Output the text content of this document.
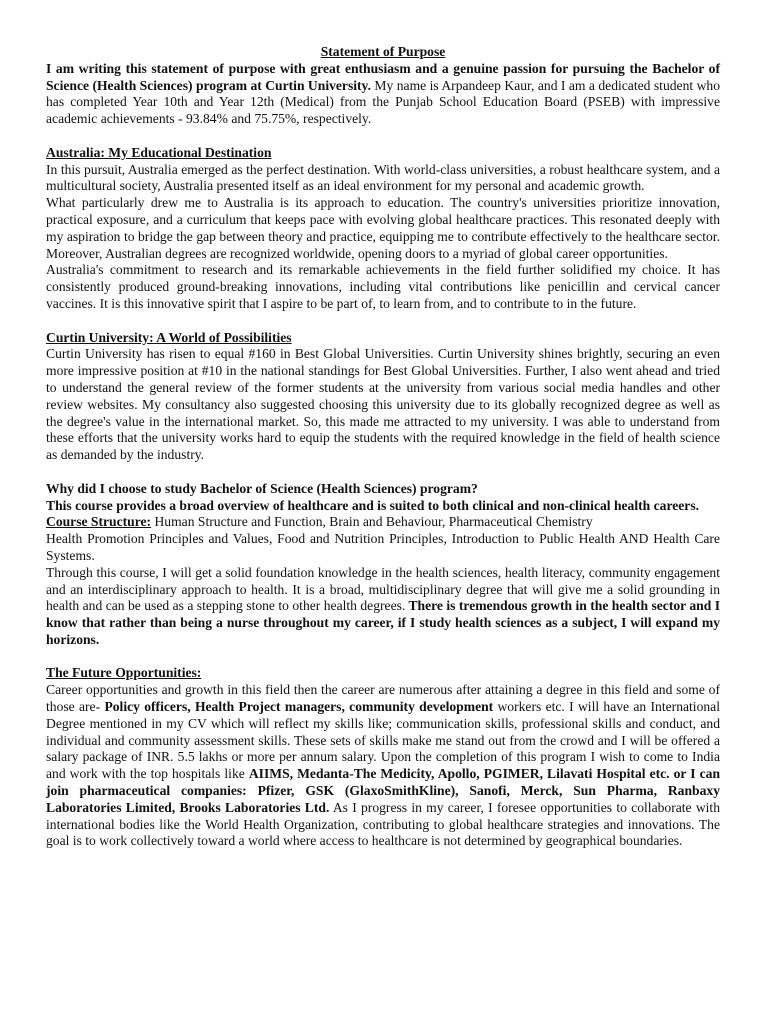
Statement of Purpose

I am writing this statement of purpose with great enthusiasm and a genuine passion for pursuing the Bachelor of Science (Health Sciences) program at Curtin University. My name is Arpandeep Kaur, and I am a dedicated student who has completed Year 10th and Year 12th (Medical) from the Punjab School Education Board (PSEB) with impressive academic achievements - 93.84% and 75.75%, respectively.

Australia: My Educational Destination

In this pursuit, Australia emerged as the perfect destination. With world-class universities, a robust healthcare system, and a multicultural society, Australia presented itself as an ideal environment for my personal and academic growth.

What particularly drew me to Australia is its approach to education. The country's universities prioritize innovation, practical exposure, and a curriculum that keeps pace with evolving global healthcare practices. This resonated deeply with my aspiration to bridge the gap between theory and practice, equipping me to contribute effectively to the healthcare sector. Moreover, Australian degrees are recognized worldwide, opening doors to a myriad of global career opportunities.

Australia's commitment to research and its remarkable achievements in the field further solidified my choice. It has consistently produced ground-breaking innovations, including vital contributions like penicillin and cervical cancer vaccines. It is this innovative spirit that I aspire to be part of, to learn from, and to contribute to in the future.

Curtin University: A World of Possibilities

Curtin University has risen to equal #160 in Best Global Universities. Curtin University shines brightly, securing an even more impressive position at #10 in the national standings for Best Global Universities. Further, I also went ahead and tried to understand the general review of the former students at the university from various social media handles and other review websites. My consultancy also suggested choosing this university due to its globally recognized degree as well as the degree's value in the international market. So, this made me attracted to my university. I was able to understand from these efforts that the university works hard to equip the students with the required knowledge in the field of health science as demanded by the industry.

Why did I choose to study Bachelor of Science (Health Sciences) program?

This course provides a broad overview of healthcare and is suited to both clinical and non-clinical health careers.

Course Structure: Human Structure and Function, Brain and Behaviour, Pharmaceutical Chemistry

Health Promotion Principles and Values, Food and Nutrition Principles, Introduction to Public Health AND Health Care Systems.

Through this course, I will get a solid foundation knowledge in the health sciences, health literacy, community engagement and an interdisciplinary approach to health. It is a broad, multidisciplinary degree that will give me a solid grounding in health and can be used as a stepping stone to other health degrees. There is tremendous growth in the health sector and I know that rather than being a nurse throughout my career, if I study health sciences as a subject, I will expand my horizons.

The Future Opportunities:

Career opportunities and growth in this field then the career are numerous after attaining a degree in this field and some of those are- Policy officers, Health Project managers, community development workers etc. I will have an International Degree mentioned in my CV which will reflect my skills like; communication skills, professional skills and conduct, and individual and community assessment skills. These sets of skills make me stand out from the crowd and I will be offered a salary package of INR. 5.5 lakhs or more per annum salary. Upon the completion of this program I wish to come to India and work with the top hospitals like AIIMS, Medanta-The Medicity, Apollo, PGIMER, Lilavati Hospital etc. or I can join pharmaceutical companies: Pfizer, GSK (GlaxoSmithKline), Sanofi, Merck, Sun Pharma, Ranbaxy Laboratories Limited, Brooks Laboratories Ltd. As I progress in my career, I foresee opportunities to collaborate with international bodies like the World Health Organization, contributing to global healthcare strategies and innovations. The goal is to work collectively toward a world where access to healthcare is not determined by geographical boundaries.
